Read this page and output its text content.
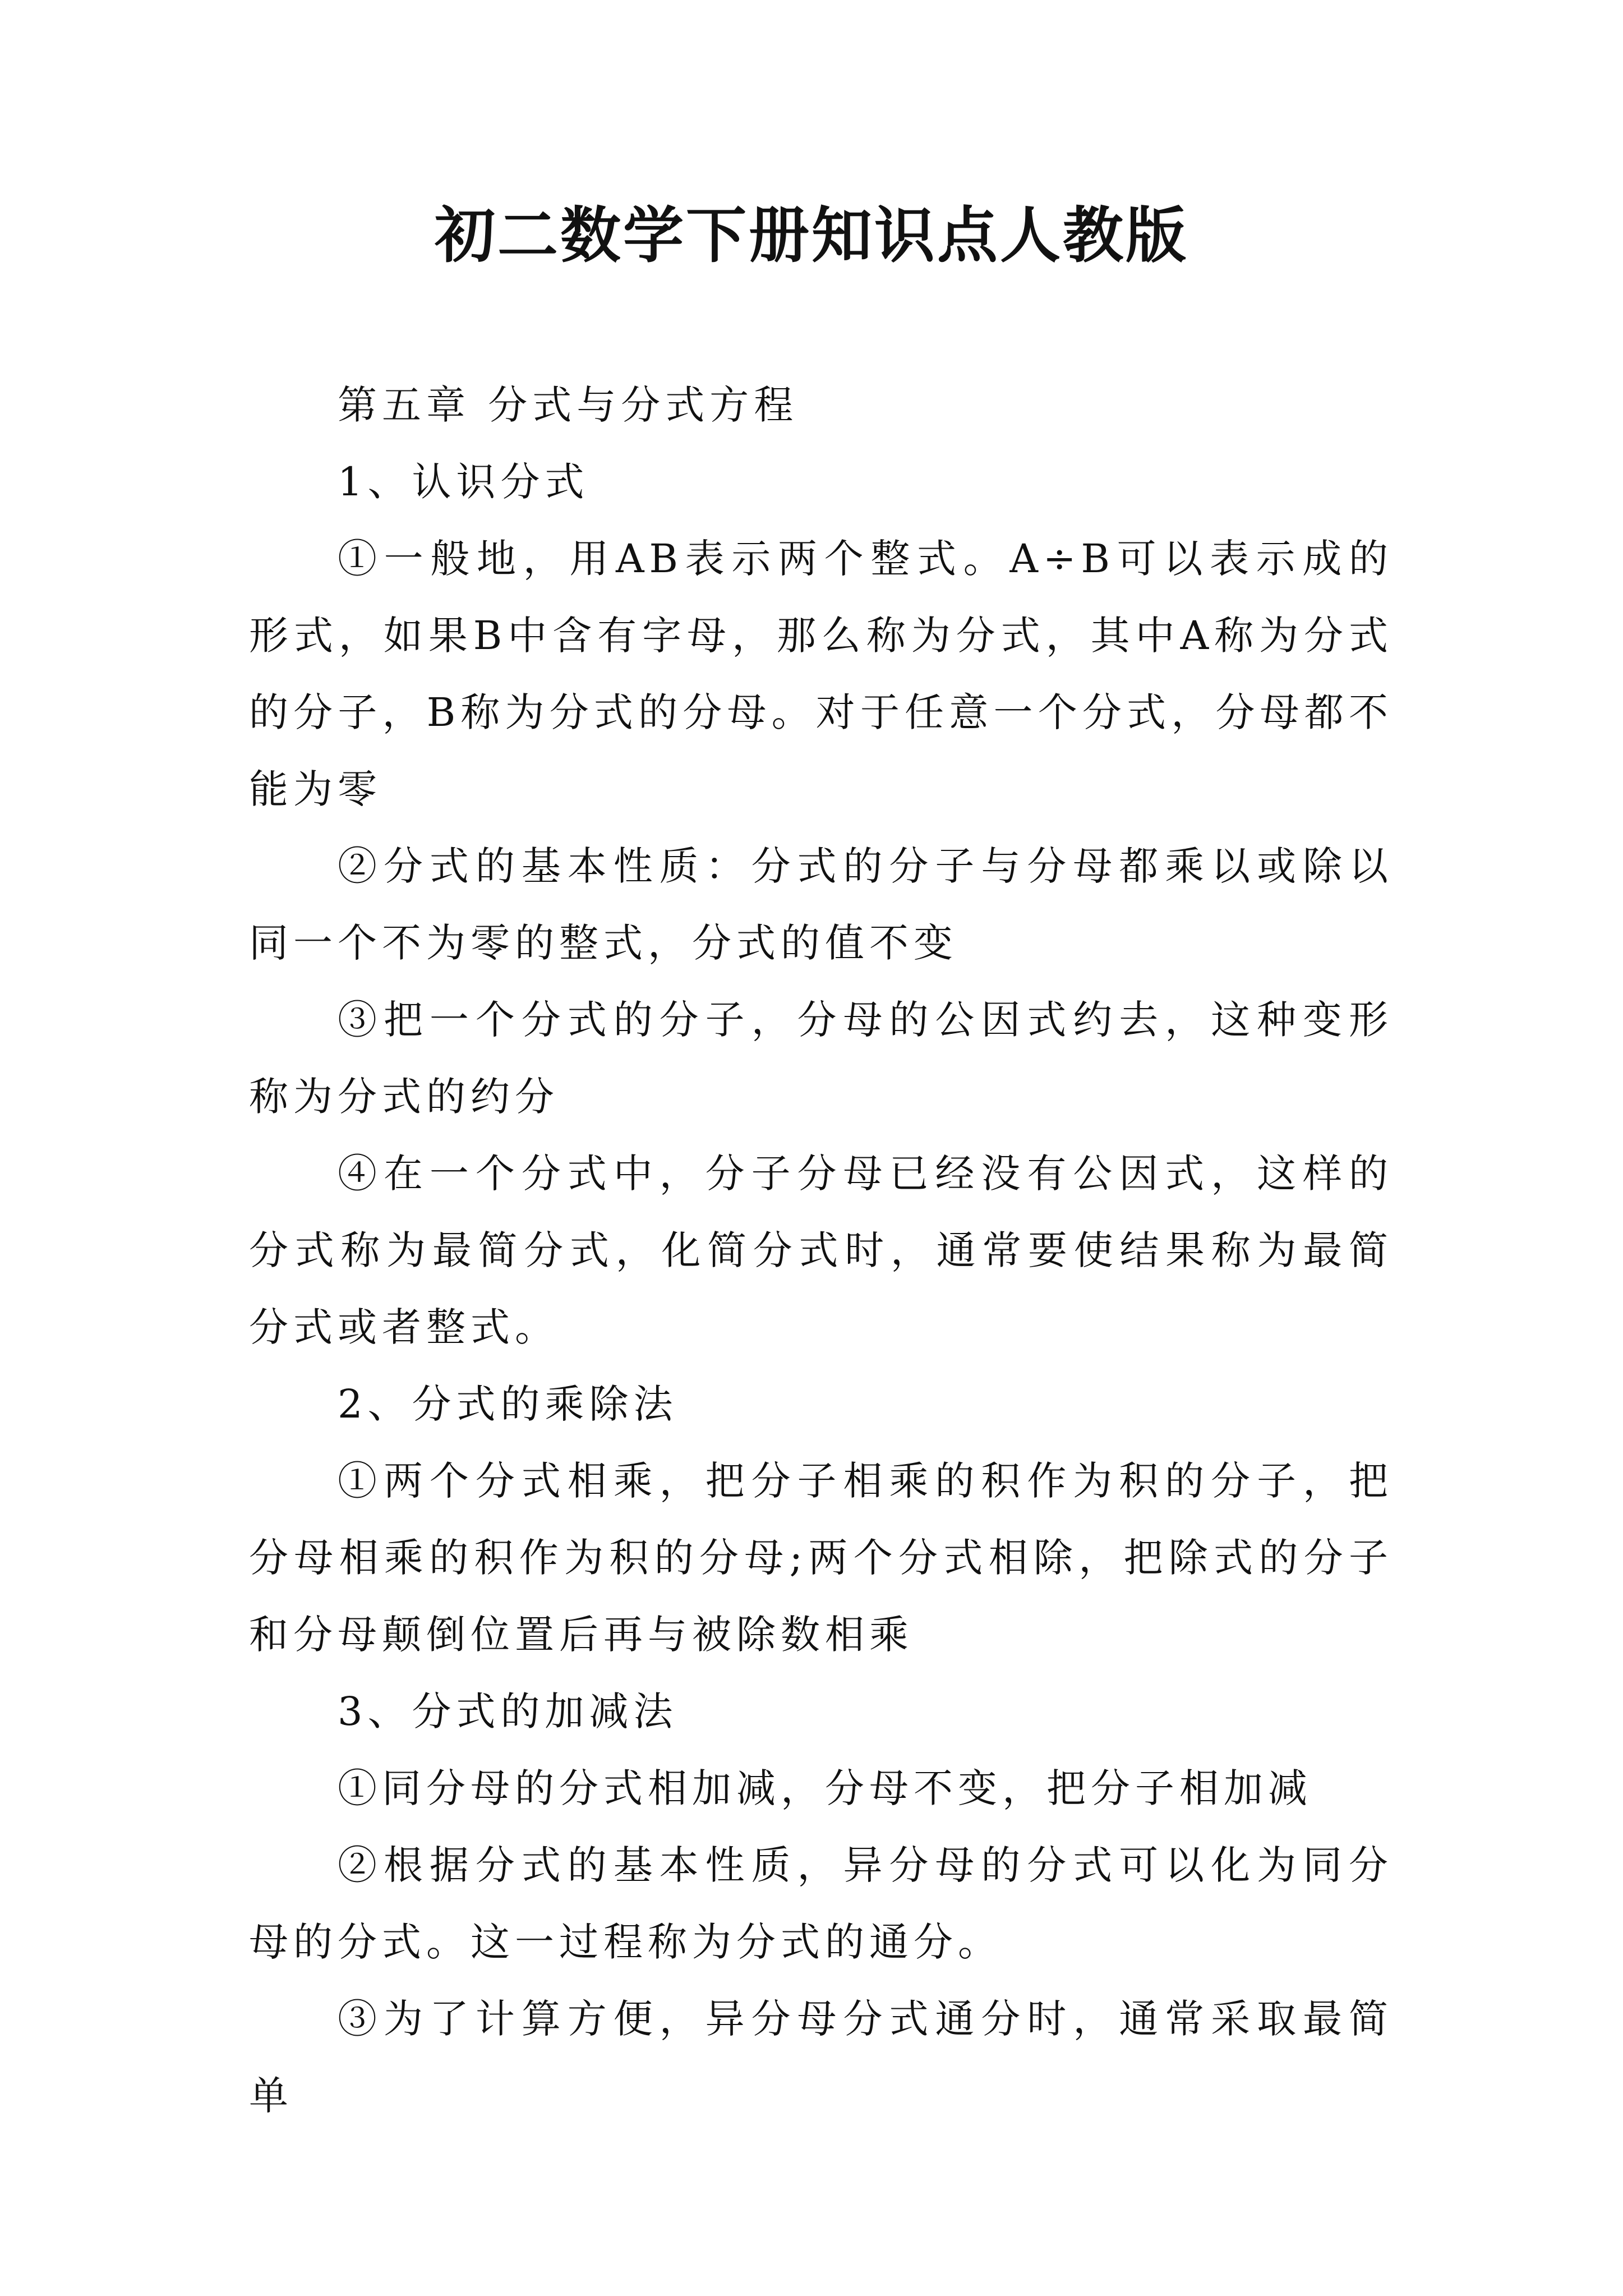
初二数学下册知识点人教版

第五章 分式与分式方程

1、认识分式

①一般地，用AB表示两个整式。A÷B可以表示成的形式，如果B中含有字母，那么称为分式，其中A称为分式的分子，B称为分式的分母。对于任意一个分式，分母都不能为零

②分式的基本性质：分式的分子与分母都乘以或除以同一个不为零的整式，分式的值不变

③把一个分式的分子，分母的公因式约去，这种变形称为分式的约分

④在一个分式中，分子分母已经没有公因式，这样的分式称为最简分式，化简分式时，通常要使结果称为最简分式或者整式。

2、分式的乘除法

①两个分式相乘，把分子相乘的积作为积的分子，把分母相乘的积作为积的分母;两个分式相除，把除式的分子和分母颠倒位置后再与被除数相乘

3、分式的加减法

①同分母的分式相加减，分母不变，把分子相加减

②根据分式的基本性质，异分母的分式可以化为同分母的分式。这一过程称为分式的通分。

③为了计算方便，异分母分式通分时，通常采取最简单
